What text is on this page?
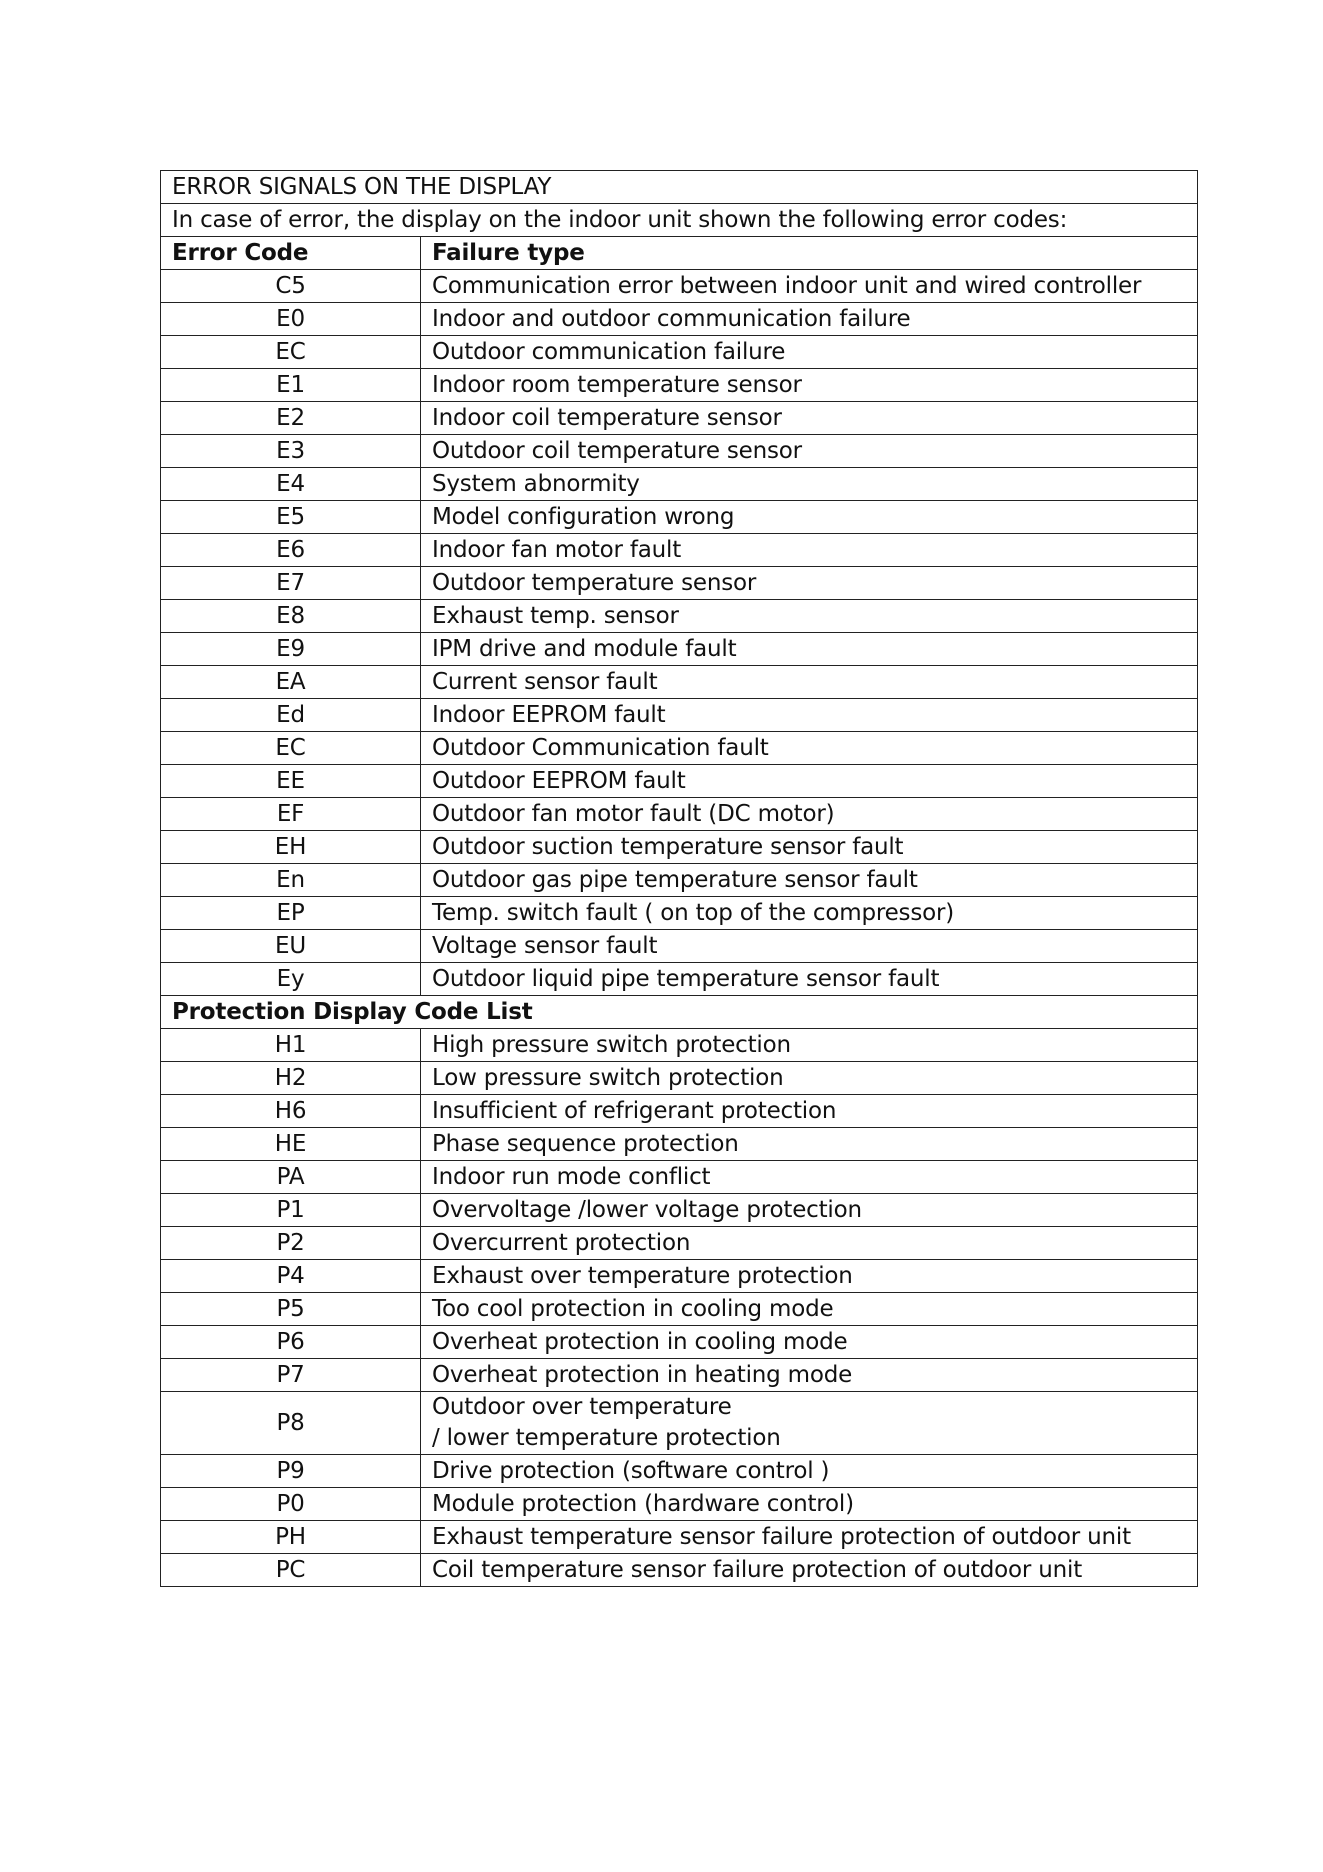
ERROR SIGNALS ON THE DISPLAY	
In case of error, the display on the indoor unit shown the following error codes:	
Error Code	Failure type
C5	Communication error between indoor unit and wired controller
E0	Indoor and outdoor communication failure
EC	Outdoor communication failure
E1	Indoor room temperature sensor
E2	Indoor coil temperature sensor
E3	Outdoor coil temperature sensor
E4	System abnormity
E5	Model configuration wrong
E6	Indoor fan motor fault
E7	Outdoor temperature sensor
E8	Exhaust temp. sensor
E9	IPM drive and module fault
EA	Current sensor fault
Ed	Indoor EEPROM fault
EC	Outdoor Communication fault
EE	Outdoor EEPROM fault
EF	Outdoor fan motor fault (DC motor)
EH	Outdoor suction temperature sensor fault
En	Outdoor gas pipe temperature sensor fault
EP	Temp. switch fault ( on top of the compressor)
EU	Voltage sensor fault
Ey	Outdoor liquid pipe temperature sensor fault
Protection Display Code List	
H1	High pressure switch protection
H2	Low pressure switch protection
H6	Insufficient of refrigerant protection
HE	Phase sequence protection
PA	Indoor run mode conflict
P1	Overvoltage /lower voltage protection
P2	Overcurrent protection
P4	Exhaust over temperature protection
P5	Too cool protection in cooling mode
P6	Overheat protection in cooling mode
P7	Overheat protection in heating mode
P8	Outdoor over temperature
/ lower temperature protection

P9	Drive protection (software control )
P0	Module protection (hardware control)
PH	Exhaust temperature sensor failure protection of outdoor unit
PC	Coil temperature sensor failure protection of outdoor unit
